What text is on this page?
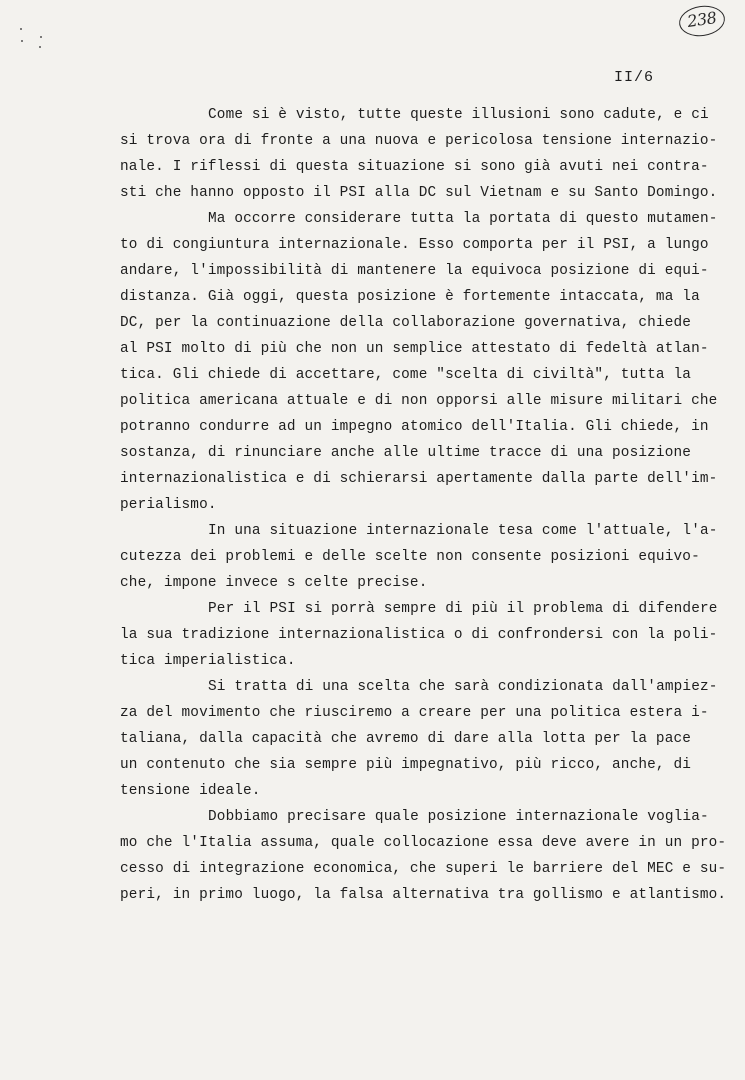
238
II/6
Come si è visto, tutte queste illusioni sono cadute, e ci
si trova ora di fronte a una nuova e pericolosa tensione internazio-
nale. I riflessi di questa situazione si sono già avuti nei contra-
sti che hanno opposto il PSI alla DC sul Vietnam e su Santo Domingo.
Ma occorre considerare tutta la portata di questo mutamen-
to di congiuntura internazionale. Esso comporta per il PSI, a lungo
andare, l'impossibilità di mantenere la equivoca posizione di equi-
distanza. Già oggi, questa posizione è fortemente intaccata, ma la
DC, per la continuazione della collaborazione governativa, chiede
al PSI molto di più che non un semplice attestato di fedeltà atlan-
tica. Gli chiede di accettare, come "scelta di civiltà", tutta la
politica americana attuale e di non opporsi alle misure militari che
potranno condurre ad un impegno atomico dell'Italia. Gli chiede, in
sostanza, di rinunciare anche alle ultime tracce di una posizione
internazionalistica e di schierarsi apertamente dalla parte dell'im-
perialismo.
In una situazione internazionale tesa come l'attuale, l'a-
cutezza dei problemi e delle scelte non consente posizioni equivo-
che, impone invece s celte precise.
Per il PSI si porrà sempre di più il problema di difendere
la sua tradizione internazionalistica o di confrondersi con la poli-
tica imperialistica.
Si tratta di una scelta che sarà condizionata dall'ampiez-
za del movimento che riusciremo a creare per una politica estera i-
taliana, dalla capacità che avremo di dare alla lotta per la pace
un contenuto che sia sempre più impegnativo, più ricco, anche, di
tensione ideale.
Dobbiamo precisare quale posizione internazionale voglia-
mo che l'Italia assuma, quale collocazione essa deve avere in un pro-
cesso di integrazione economica, che superi le barriere del MEC e su-
peri, in primo luogo, la falsa alternativa tra gollismo e atlantismo.
